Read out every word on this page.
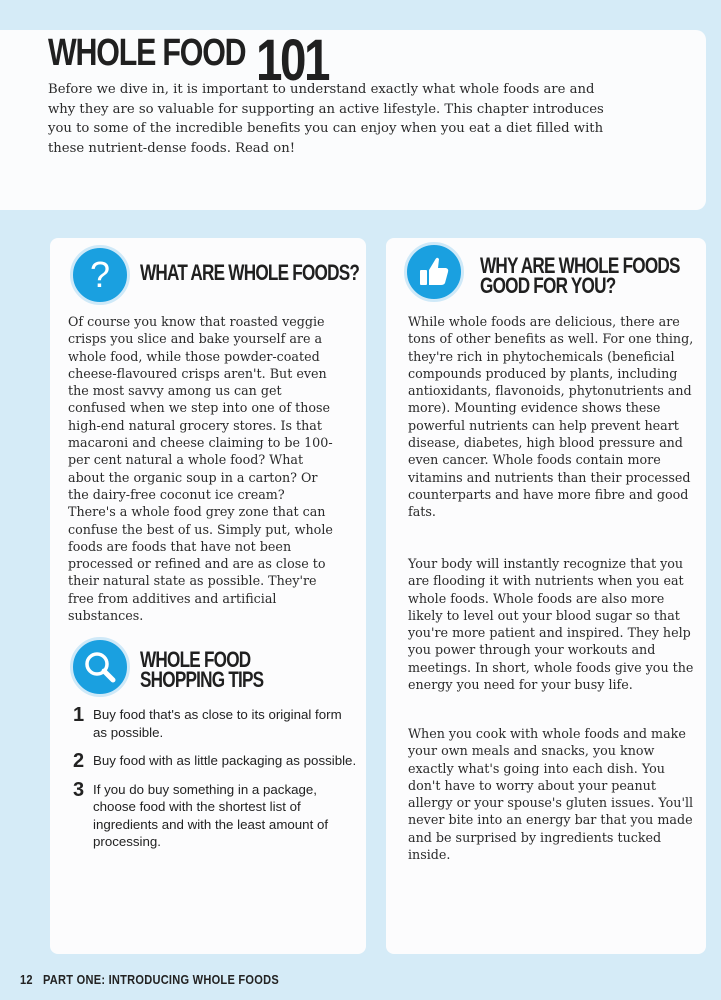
WHOLE FOOD 101

Before we dive in, it is important to understand exactly what whole foods are and why they are so valuable for supporting an active lifestyle. This chapter introduces you to some of the incredible benefits you can enjoy when you eat a diet filled with these nutrient-dense foods. Read on!

? WHAT ARE WHOLE FOODS?

Of course you know that roasted veggie crisps you slice and bake yourself are a whole food, while those powder-coated cheese-flavoured crisps aren't. But even the most savvy among us can get confused when we step into one of those high-end natural grocery stores. Is that macaroni and cheese claiming to be 100-per cent natural a whole food? What about the organic soup in a carton? Or the dairy-free coconut ice cream? There's a whole food grey zone that can confuse the best of us. Simply put, whole foods are foods that have not been processed or refined and are as close to their natural state as possible. They're free from additives and artificial substances.

WHOLE FOOD
SHOPPING TIPS
1 Buy food that's as close to its original form as possible.
2 Buy food with as little packaging as possible.
3 If you do buy something in a package, choose food with the shortest list of ingredients and with the least amount of processing.
WHY ARE WHOLE FOODS
GOOD FOR YOU?

While whole foods are delicious, there are tons of other benefits as well. For one thing, they're rich in phytochemicals (beneficial compounds produced by plants, including antioxidants, flavonoids, phytonutrients and more). Mounting evidence shows these powerful nutrients can help prevent heart disease, diabetes, high blood pressure and even cancer. Whole foods contain more vitamins and nutrients than their processed counterparts and have more fibre and good fats.

Your body will instantly recognize that you are flooding it with nutrients when you eat whole foods. Whole foods are also more likely to level out your blood sugar so that you're more patient and inspired. They help you power through your workouts and meetings. In short, whole foods give you the energy you need for your busy life.

When you cook with whole foods and make your own meals and snacks, you know exactly what's going into each dish. You don't have to worry about your peanut allergy or your spouse's gluten issues. You'll never bite into an energy bar that you made and be surprised by ingredients tucked inside.

12 PART ONE: INTRODUCING WHOLE FOODS
